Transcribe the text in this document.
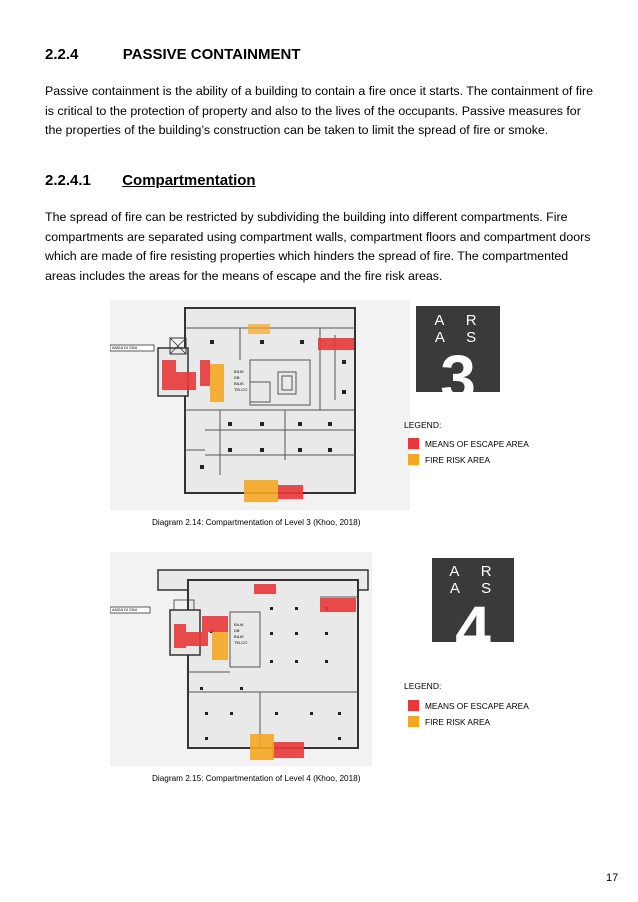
2.2.4	PASSIVE CONTAINMENT
Passive containment is the ability of a building to contain a fire once it starts. The containment of fire is critical to the protection of property and also to the lives of the occupants. Passive measures for the properties of the building’s construction can be taken to limit the spread of fire or smoke.
2.2.4.1 Compartmentation
The spread of fire can be restricted by subdividing the building into different compartments. Fire compartments are separated using compartment walls, compartment floors and compartment doors which are made of fire resisting properties which hinders the spread of fire. The compartmented areas includes the areas for the means of escape and the fire risk areas.
ANDA DI SINI
BILIK
DB
BILIK
TELCO
A R A S
3
LEGEND:
MEANS OF ESCAPE AREA
FIRE RISK AREA
Diagram 2.14: Compartmentation of Level 3 (Khoo, 2018)
ANDA DI SINI
BILIK
DB
BILIK
TELCO
A R A S
4
LEGEND:
MEANS OF ESCAPE AREA
FIRE RISK AREA
Diagram 2.15: Compartmentation of Level 4 (Khoo, 2018)
17
